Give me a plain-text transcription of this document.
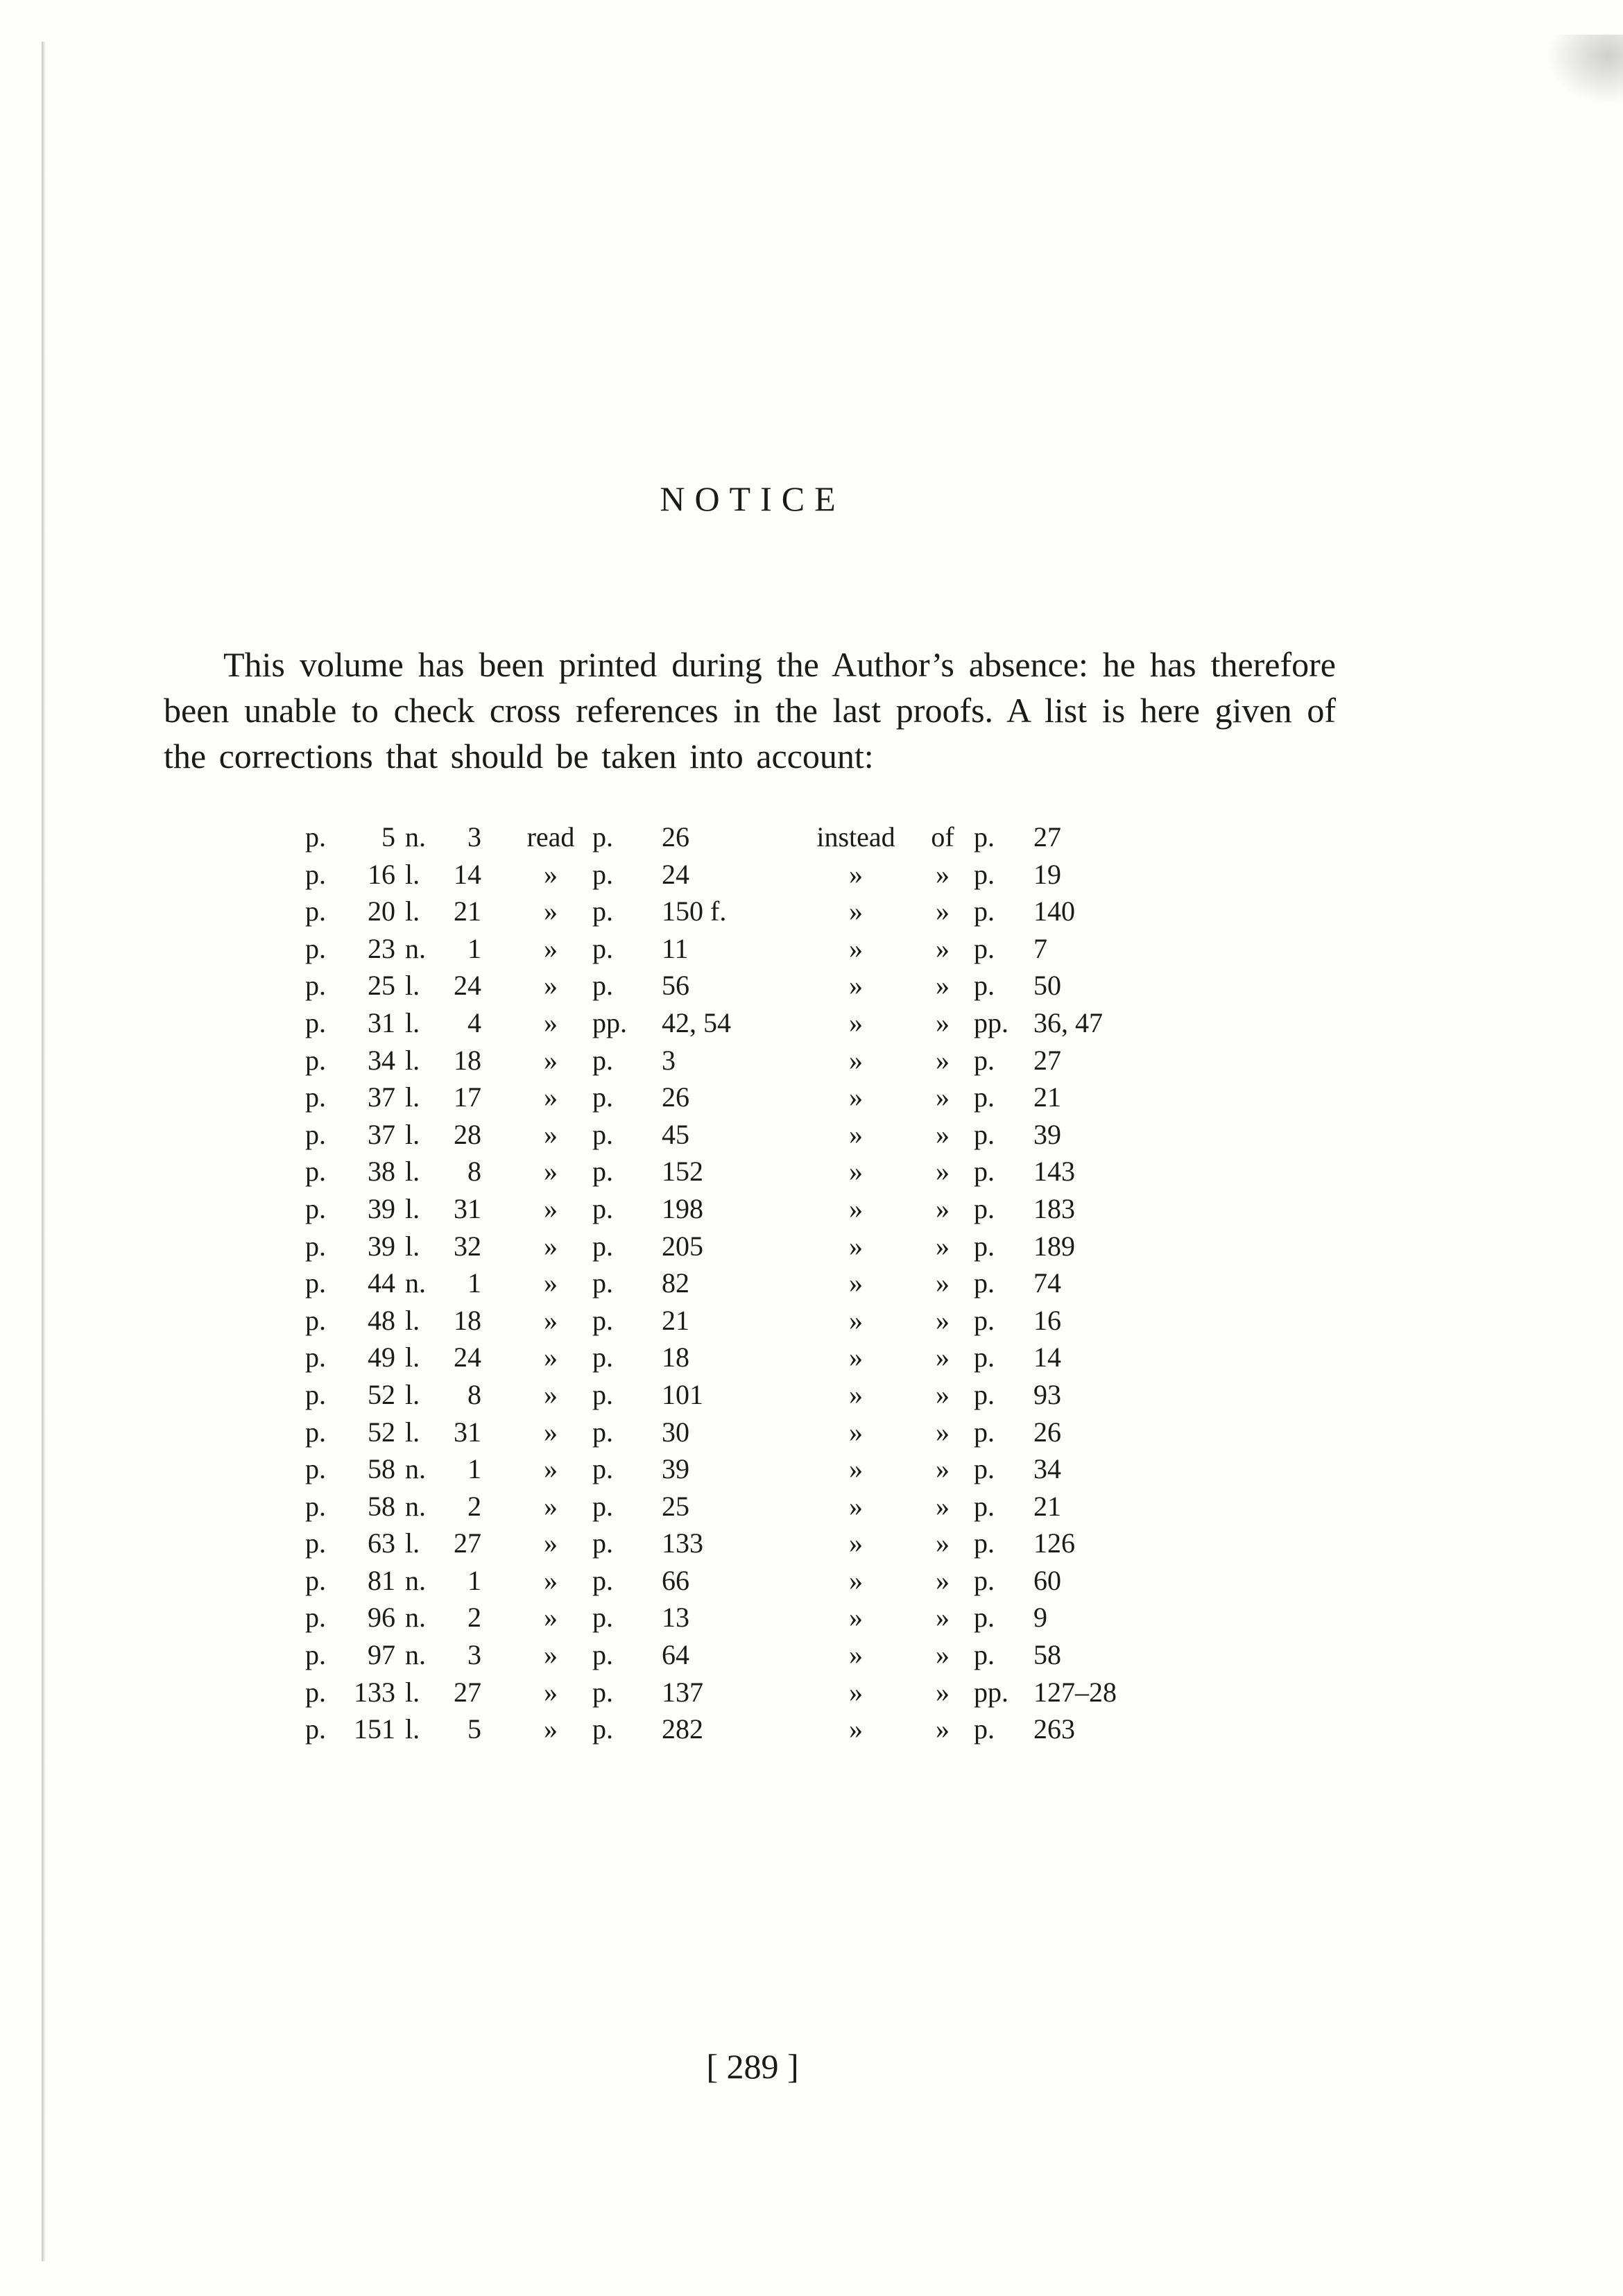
NOTICE

This volume has been printed during the Author’s absence: he has therefore been unable to check cross references in the last proofs. A list is here given of the corrections that should be taken into account:

p.	5	n.	3	read	p.	26	instead	of	p.	27
p.	16	l.	14	»	p.	24	»	»	p.	19
p.	20	l.	21	»	p.	150 f.	»	»	p.	140
p.	23	n.	1	»	p.	11	»	»	p.	7
p.	25	l.	24	»	p.	56	»	»	p.	50
p.	31	l.	4	»	pp.	42, 54	»	»	pp.	36, 47
p.	34	l.	18	»	p.	3	»	»	p.	27
p.	37	l.	17	»	p.	26	»	»	p.	21
p.	37	l.	28	»	p.	45	»	»	p.	39
p.	38	l.	8	»	p.	152	»	»	p.	143
p.	39	l.	31	»	p.	198	»	»	p.	183
p.	39	l.	32	»	p.	205	»	»	p.	189
p.	44	n.	1	»	p.	82	»	»	p.	74
p.	48	l.	18	»	p.	21	»	»	p.	16
p.	49	l.	24	»	p.	18	»	»	p.	14
p.	52	l.	8	»	p.	101	»	»	p.	93
p.	52	l.	31	»	p.	30	»	»	p.	26
p.	58	n.	1	»	p.	39	»	»	p.	34
p.	58	n.	2	»	p.	25	»	»	p.	21
p.	63	l.	27	»	p.	133	»	»	p.	126
p.	81	n.	1	»	p.	66	»	»	p.	60
p.	96	n.	2	»	p.	13	»	»	p.	9
p.	97	n.	3	»	p.	64	»	»	p.	58
p.	133	l.	27	»	p.	137	»	»	pp.	127–28
p.	151	l.	5	»	p.	282	»	»	p.	263
[ 289 ]
